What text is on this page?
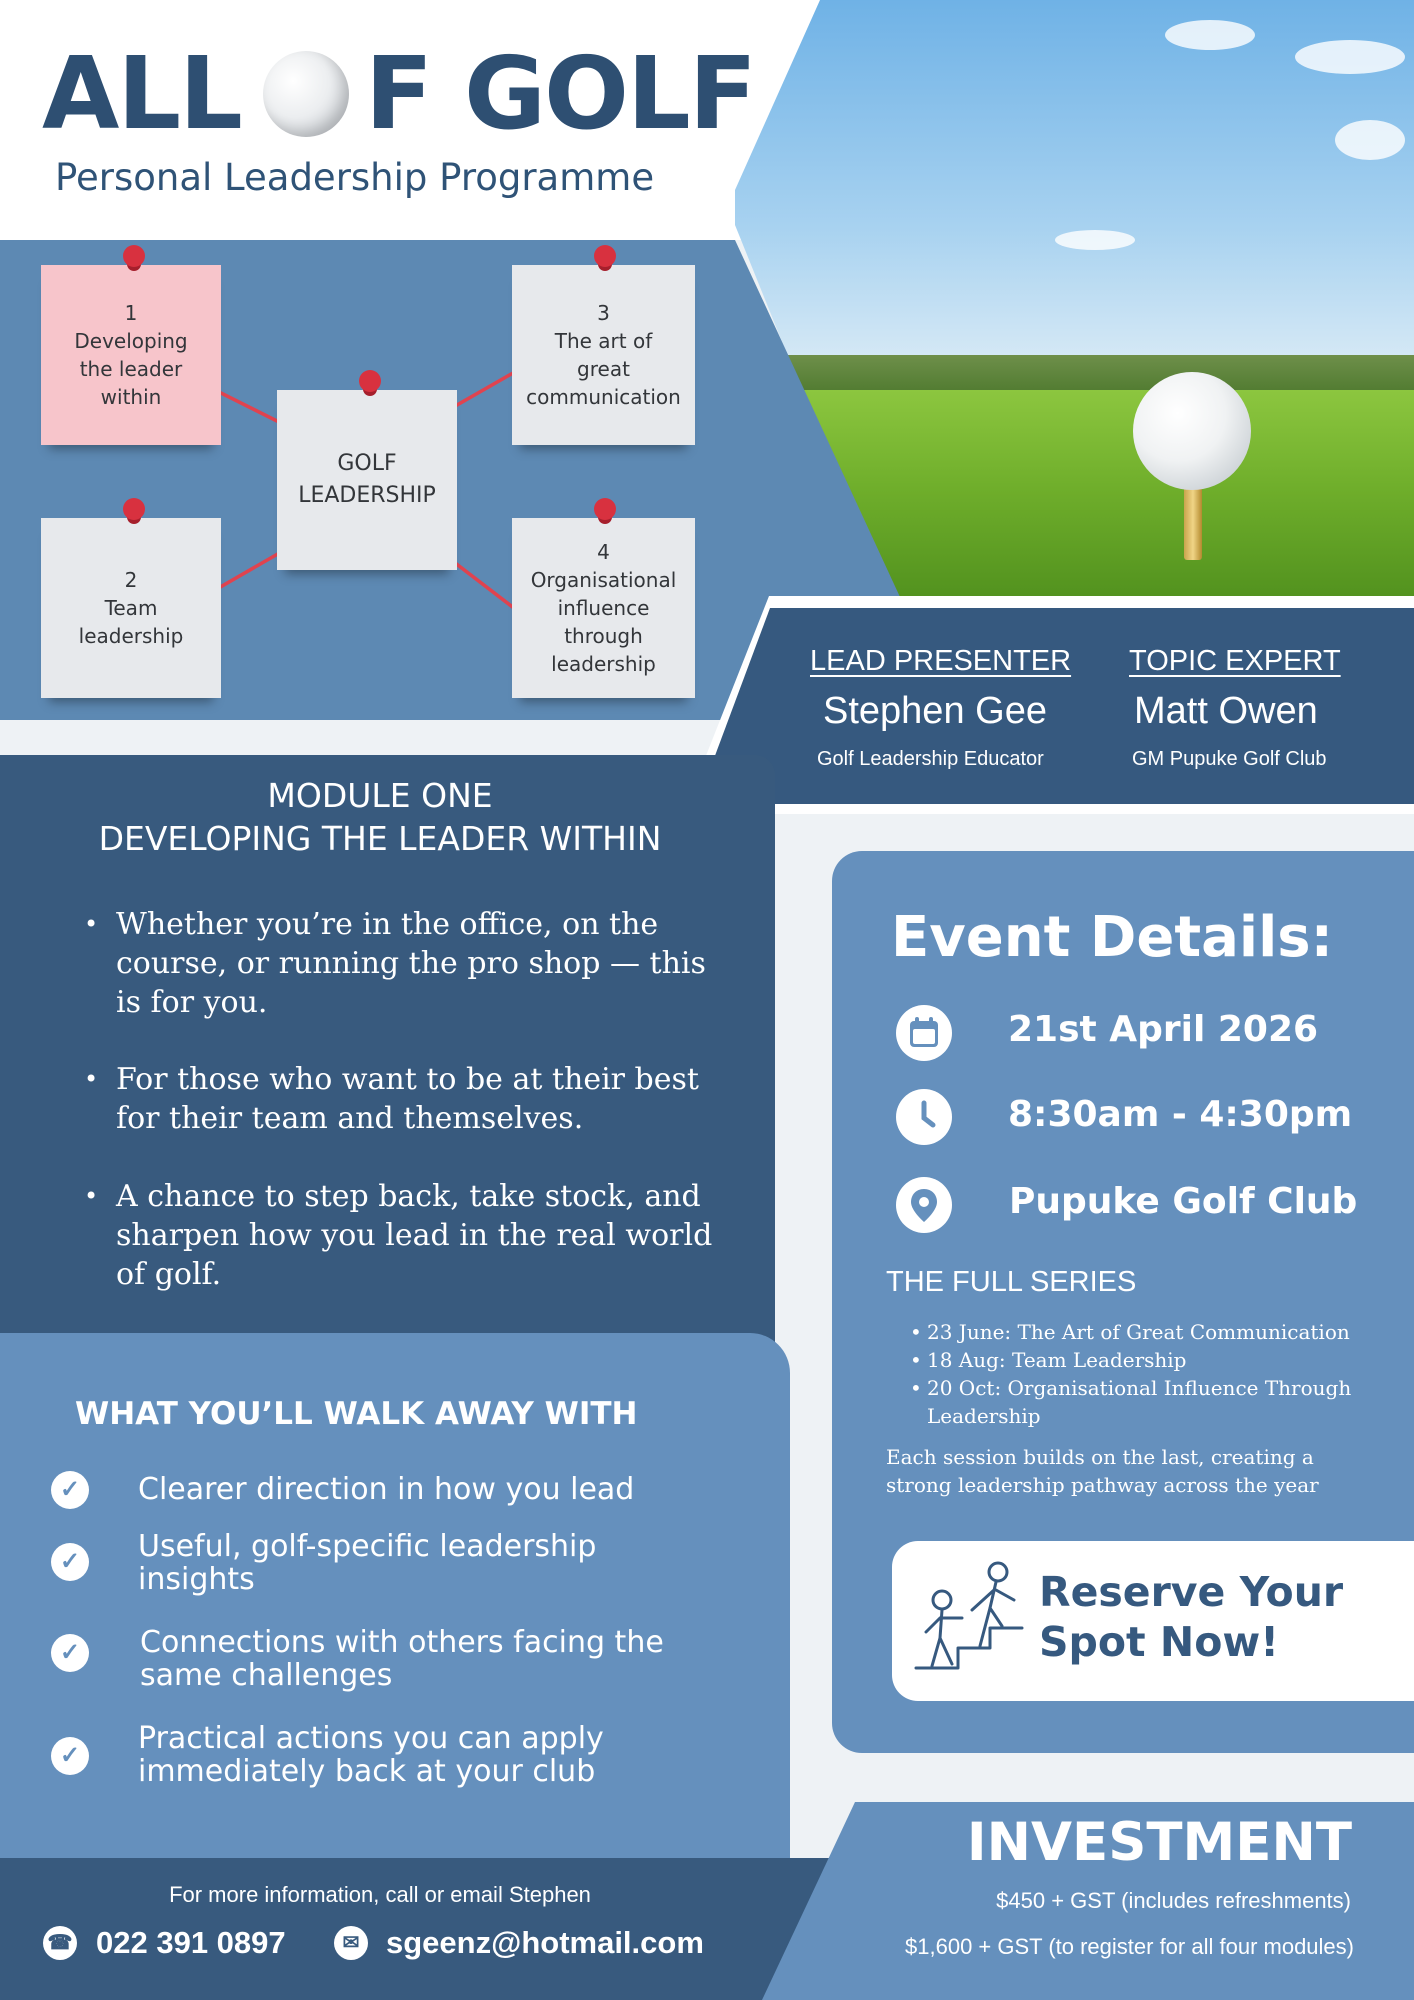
ALL F GOLF
Personal Leadership Programme
1
Developing
the leader
within
2
Team
leadership
3
The art of
great
communication
4
Organisational
influence
through
leadership
GOLF
LEADERSHIP
LEAD PRESENTER
Stephen Gee
Golf Leadership Educator
TOPIC EXPERT
Matt Owen
GM Pupuke Golf Club
MODULE ONE
DEVELOPING THE LEADER WITHIN
• Whether you’re in the office, on the course, or running the pro shop — this is for you.
• For those who want to be at their best for their team and themselves.
• A chance to step back, take stock, and sharpen how you lead in the real world of golf.
WHAT YOU’LL WALK AWAY WITH
✓ Clearer direction in how you lead
✓ Useful, golf-specific leadership insights
✓ Connections with others facing the same challenges
✓ Practical actions you can apply immediately back at your club
For more information, call or email Stephen
☎ 022 391 0897	✉ sgeenz@hotmail.com
Event Details:
21st April 2026
8:30am - 4:30pm
Pupuke Golf Club
THE FULL SERIES
• 23 June: The Art of Great Communication
• 18 Aug: Team Leadership
• 20 Oct: Organisational Influence Through Leadership
Each session builds on the last, creating a strong leadership pathway across the year
Reserve Your
Spot Now!
INVESTMENT
$450 + GST (includes refreshments)
$1,600 + GST (to register for all four modules)
